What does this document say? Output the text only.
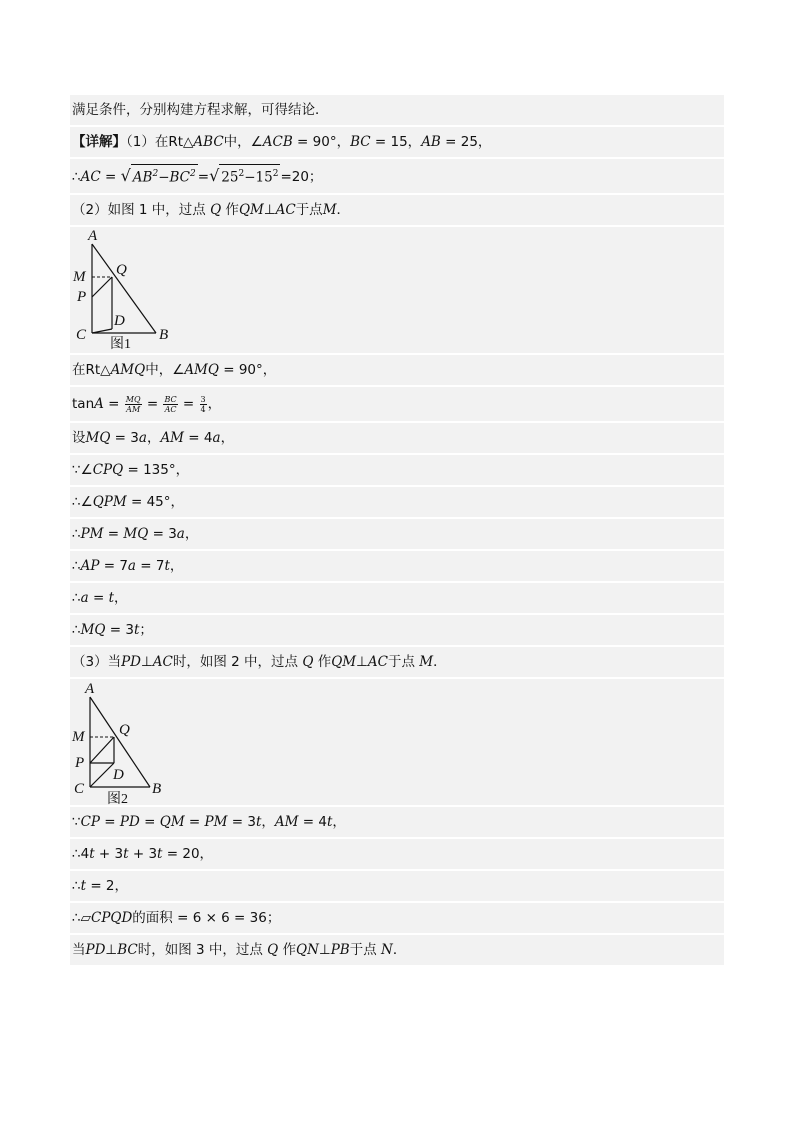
满足条件，分别构建方程求解，可得结论．
【详解】（1）在Rt△ABC中，∠ACB = 90°，BC = 15，AB = 25，
∴AC = √ $AB^2-BC^2$ =√ $25^2-15^2 =20$；
（2）如图 1 中，过点 Q 作QM⊥AC于点M．
A
M Q
P
D
C	B
图1
在Rt△AMQ中，∠AMQ = 90°，
$\tan A = \frac{MQ}{AM} = \frac{BC}{AC} = \frac{3}{4}$ ，
设MQ = 3a，AM = 4a，
∵∠CPQ = 135°，
∴∠QPM = 45°，
∴PM = MQ = 3a，
∴AP = 7a = 7t，
∴a = t，
∴MQ = 3t；
（3）当PD⊥AC时，如图 2 中，过点 Q 作QM⊥AC于点 M．
A
M Q
P
D
C	B
图2
∵CP = PD = QM = PM = 3t，AM = 4t，
∴4t + 3t + 3t = 20，
∴t = 2，
∴▱CPQD的面积 = 6 × 6 = 36；
当PD⊥BC时，如图 3 中，过点 Q 作QN⊥PB于点 N．
